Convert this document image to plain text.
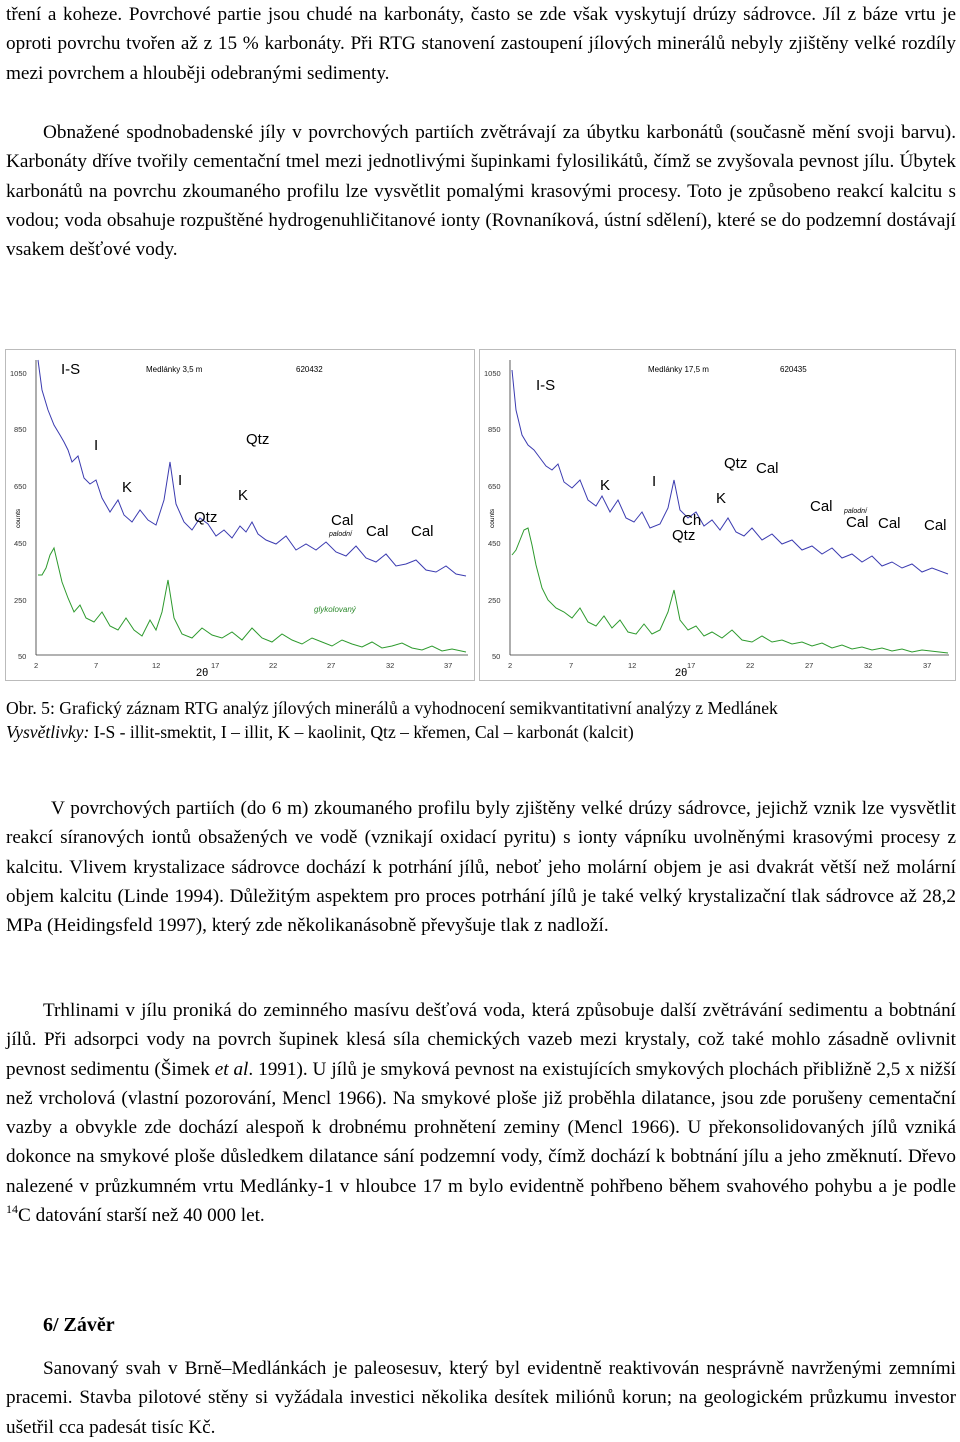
tření a koheze. Povrchové partie jsou chudé na karbonáty, často se zde však vyskytují drúzy sádrovce. Jíl z báze vrtu je oproti povrchu tvořen až z 15 % karbonáty. Při RTG stanovení zastoupení jílových minerálů nebyly zjištěny velké rozdíly mezi povrchem a hlouběji odebranými sedimenty.

Obnažené spodnobadenské jíly v povrchových partiích zvětrávají za úbytku karbonátů (současně mění svoji barvu). Karbonáty dříve tvořily cementační tmel mezi jednotlivými šupinkami fylosilikátů, čímž se zvyšovala pevnost jílu. Úbytek karbonátů na povrchu zkoumaného profilu lze vysvětlit pomalými krasovými procesy. Toto je způsobeno reakcí kalcitu s vodou; voda obsahuje rozpuštěné hydrogenuhličitanové ionty (Rovnaníková, ústní sdělení), které se do podzemní dostávají vsakem dešťové vody.

1050
850
650
450
250
50
counts
2	7	12	17	22	27	32	37
2θ
Medlánky 3,5 m	620432
I-S
I
K	I
Qtz
K
Qtz	Cal
Cal Cal
palodní
glykolovaný
1050
850
650
450
250
50
counts
2	7	12	17	22	27	32	37
2θ
Medlánky 17,5 m	620435
I-S
K	I
Ch
Qtz
Qtz Cal
K	Cal
Cal Cal Cal
palodní

Obr. 5: Grafický záznam RTG analýz jílových minerálů a vyhodnocení semikvantitativní analýzy z Medlánek

Vysvětlivky: I-S - illit-smektit, I – illit, K – kaolinit, Qtz – křemen, Cal – karbonát (kalcit)

V povrchových partiích (do 6 m) zkoumaného profilu byly zjištěny velké drúzy sádrovce, jejichž vznik lze vysvětlit reakcí síranových iontů obsažených ve vodě (vznikají oxidací pyritu) s ionty vápníku uvolněnými krasovými procesy z kalcitu. Vlivem krystalizace sádrovce dochází k potrhání jílů, neboť jeho molární objem je asi dvakrát větší než molární objem kalcitu (Linde 1994). Důležitým aspektem pro proces potrhání jílů je také velký krystalizační tlak sádrovce až 28,2 MPa (Heidingsfeld 1997), který zde několikanásobně převyšuje tlak z nadloží.

Trhlinami v jílu proniká do zeminného masívu dešťová voda, která způsobuje další zvětrávání sedimentu a bobtnání jílů. Při adsorpci vody na povrch šupinek klesá síla chemických vazeb mezi krystaly, což také mohlo zásadně ovlivnit pevnost sedimentu (Šimek et al. 1991). U jílů je smyková pevnost na existujících smykových plochách přibližně 2,5 x nižší než vrcholová (vlastní pozorování, Mencl 1966). Na smykové ploše již proběhla dilatance, jsou zde porušeny cementační vazby a obvykle zde dochází alespoň k drobnému prohnětení zeminy (Mencl 1966). U překonsolidovaných jílů vzniká dokonce na smykové ploše důsledkem dilatance sání podzemní vody, čímž dochází k bobtnání jílu a jeho změknutí. Dřevo nalezené v průzkumném vrtu Medlánky-1 v hloubce 17 m bylo evidentně pohřbeno během svahového pohybu a je podle $^{14}$C datování starší než 40 000 let.

6/ Závěr

Sanovaný svah v Brně–Medlánkách je paleosesuv, který byl evidentně reaktivován nesprávně navrženými zemními pracemi. Stavba pilotové stěny si vyžádala investici několika desítek miliónů korun; na geologickém průzkumu investor ušetřil cca padesát tisíc Kč.
